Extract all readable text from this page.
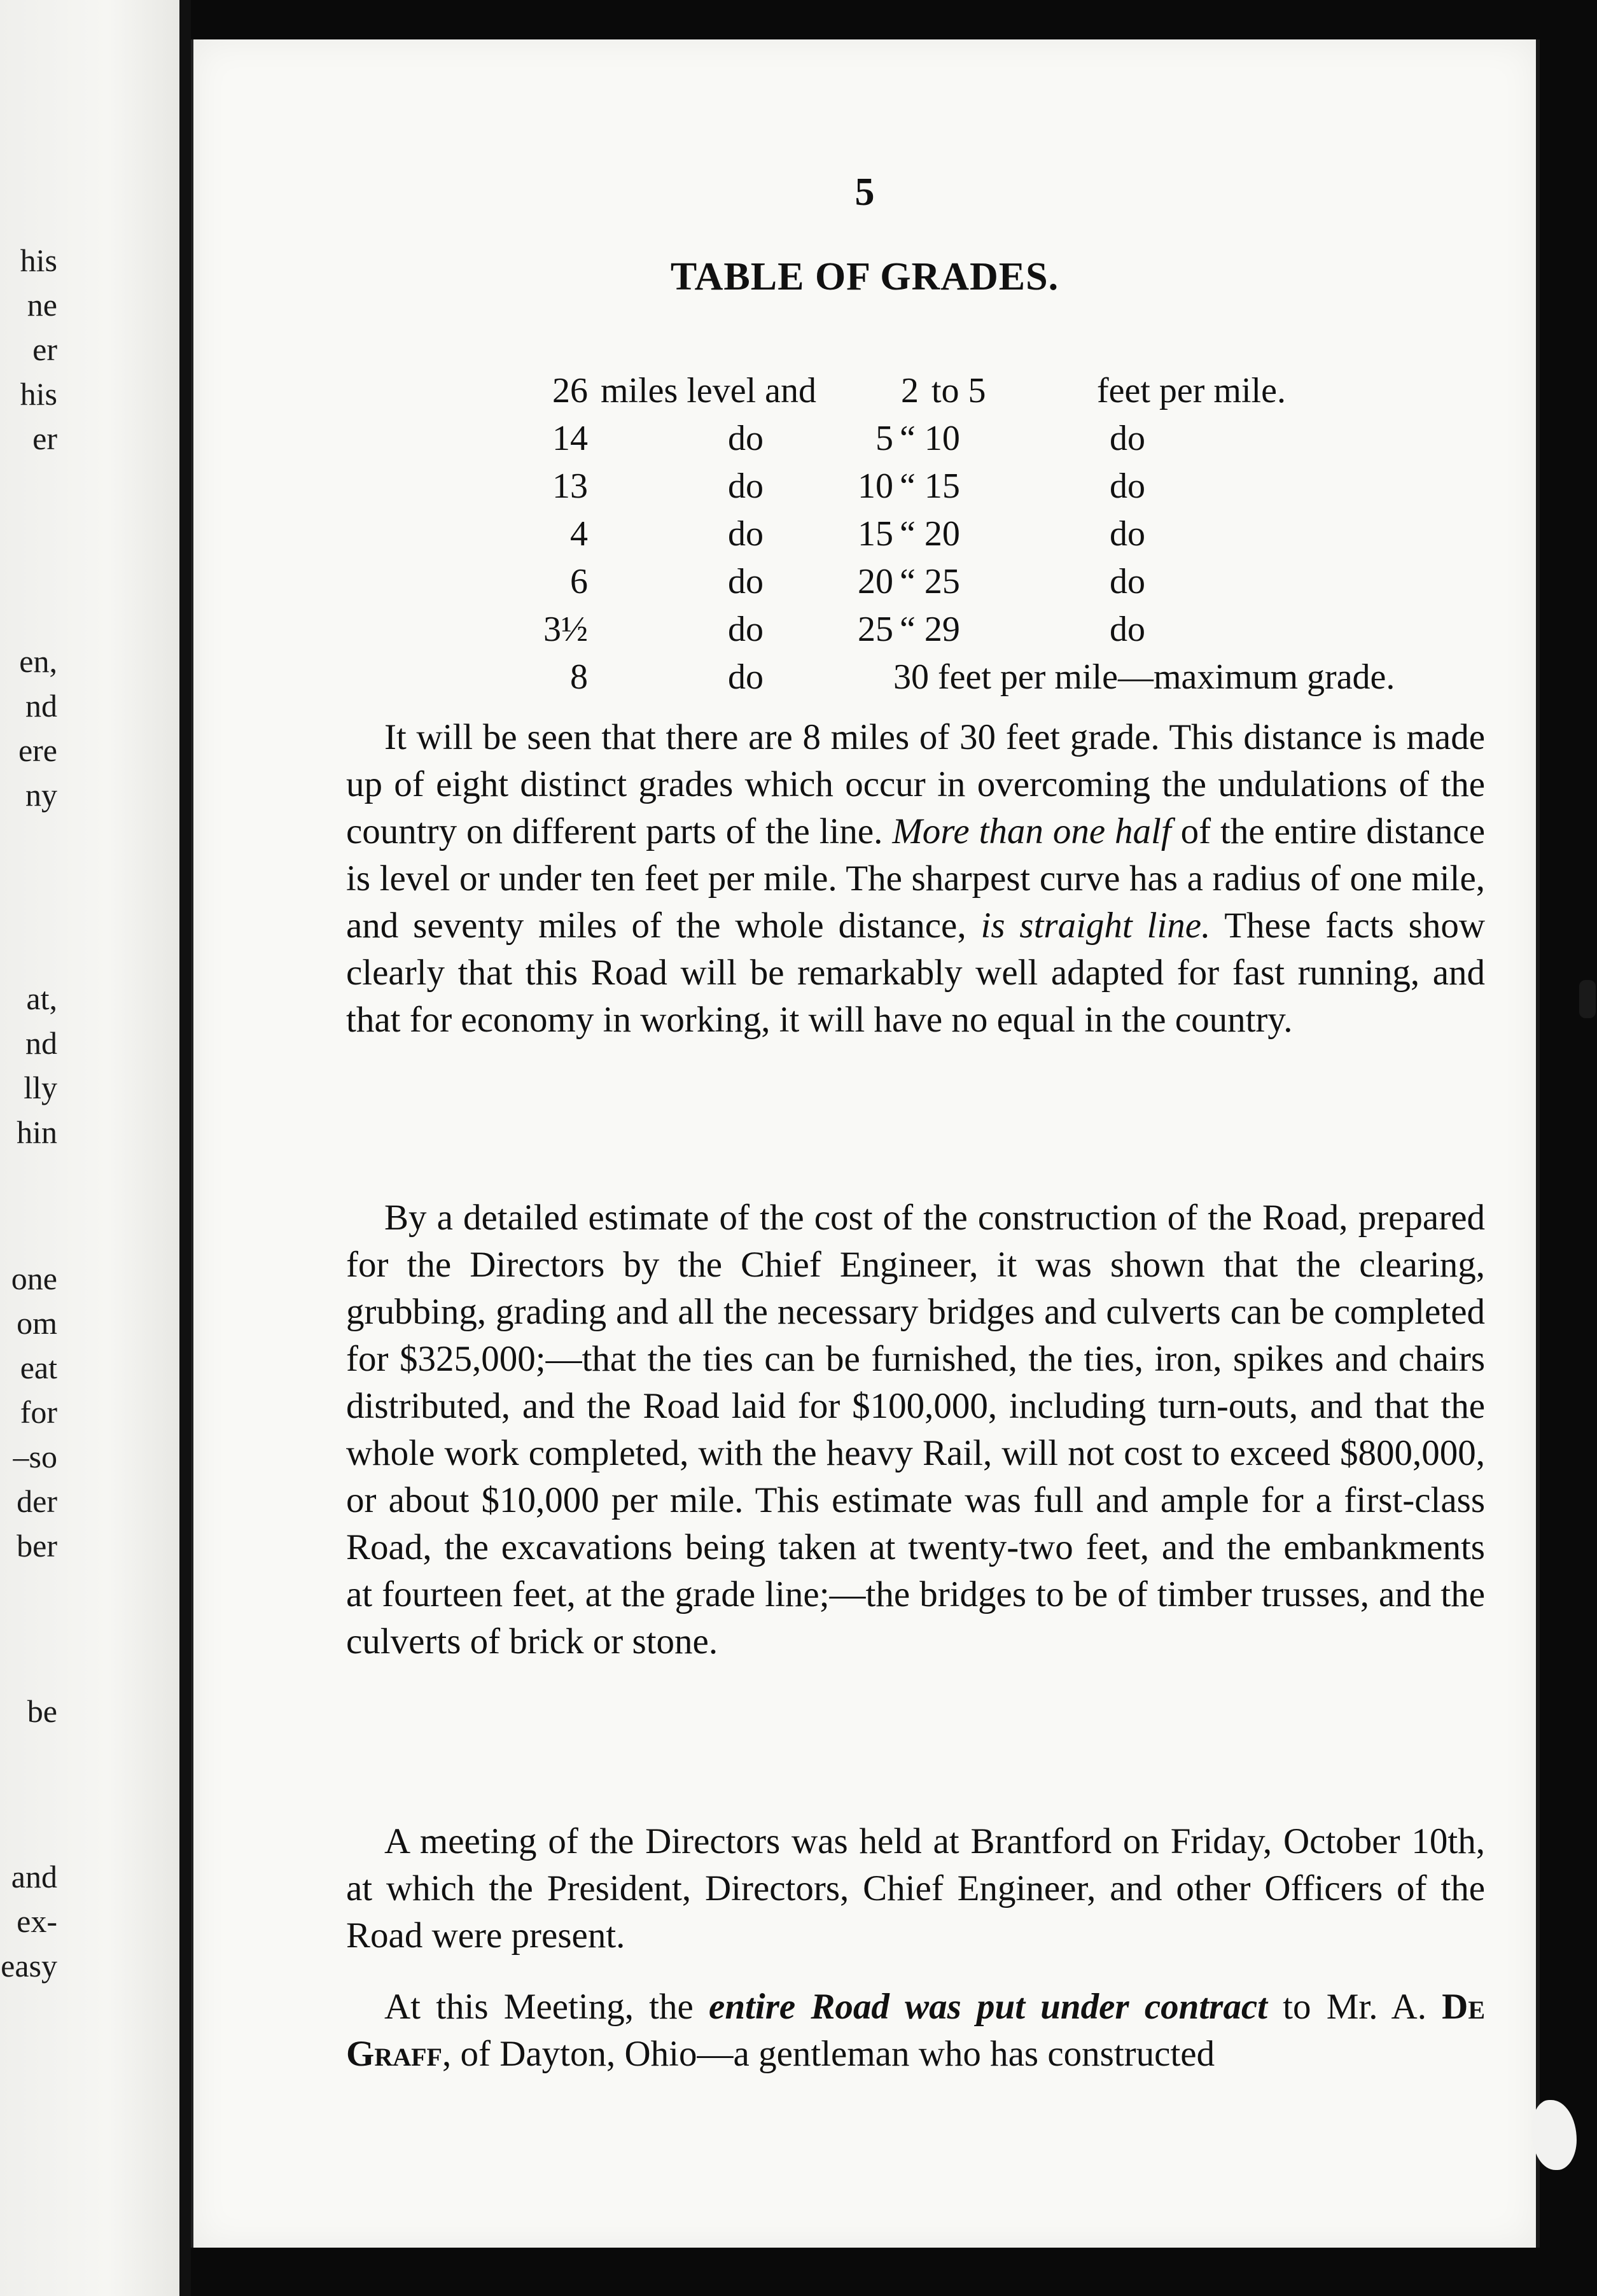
his
ne
er
his
er
en,
nd
ere
ny
at,
nd
lly
hin
one
om
eat
for
–so
der
ber
be
and
ex-
easy
5
TABLE OF GRADES.
26 miles level and	2 to 5	feet per mile.
14	do	5 “ 10	do
13	do	10 “ 15	do
4	do	15 “ 20	do
6	do	20 “ 25	do
3½	do	25 “ 29	do
8	do	30 feet per mile—maximum grade.

It will be seen that there are 8 miles of 30 feet grade. This distance is made up of eight distinct grades which occur in overcoming the undulations of the country on different parts of the line. More than one half of the entire distance is level or under ten feet per mile. The sharpest curve has a radius of one mile, and seventy miles of the whole distance, is straight line. These facts show clearly that this Road will be remarkably well adapted for fast running, and that for economy in working, it will have no equal in the country.

By a detailed estimate of the cost of the construction of the Road, prepared for the Directors by the Chief Engineer, it was shown that the clearing, grubbing, grading and all the necessary bridges and culverts can be completed for $325,000;—that the ties can be furnished, the ties, iron, spikes and chairs distributed, and the Road laid for $100,000, including turn-outs, and that the whole work completed, with the heavy Rail, will not cost to exceed $800,000, or about $10,000 per mile. This estimate was full and ample for a first-class Road, the excavations being taken at twenty-two feet, and the embankments at fourteen feet, at the grade line;—the bridges to be of timber trusses, and the culverts of brick or stone.

A meeting of the Directors was held at Brantford on Friday, October 10th, at which the President, Directors, Chief Engineer, and other Officers of the Road were present.

At this Meeting, the entire Road was put under contract to Mr. A. De Graff, of Dayton, Ohio—a gentleman who has constructed
